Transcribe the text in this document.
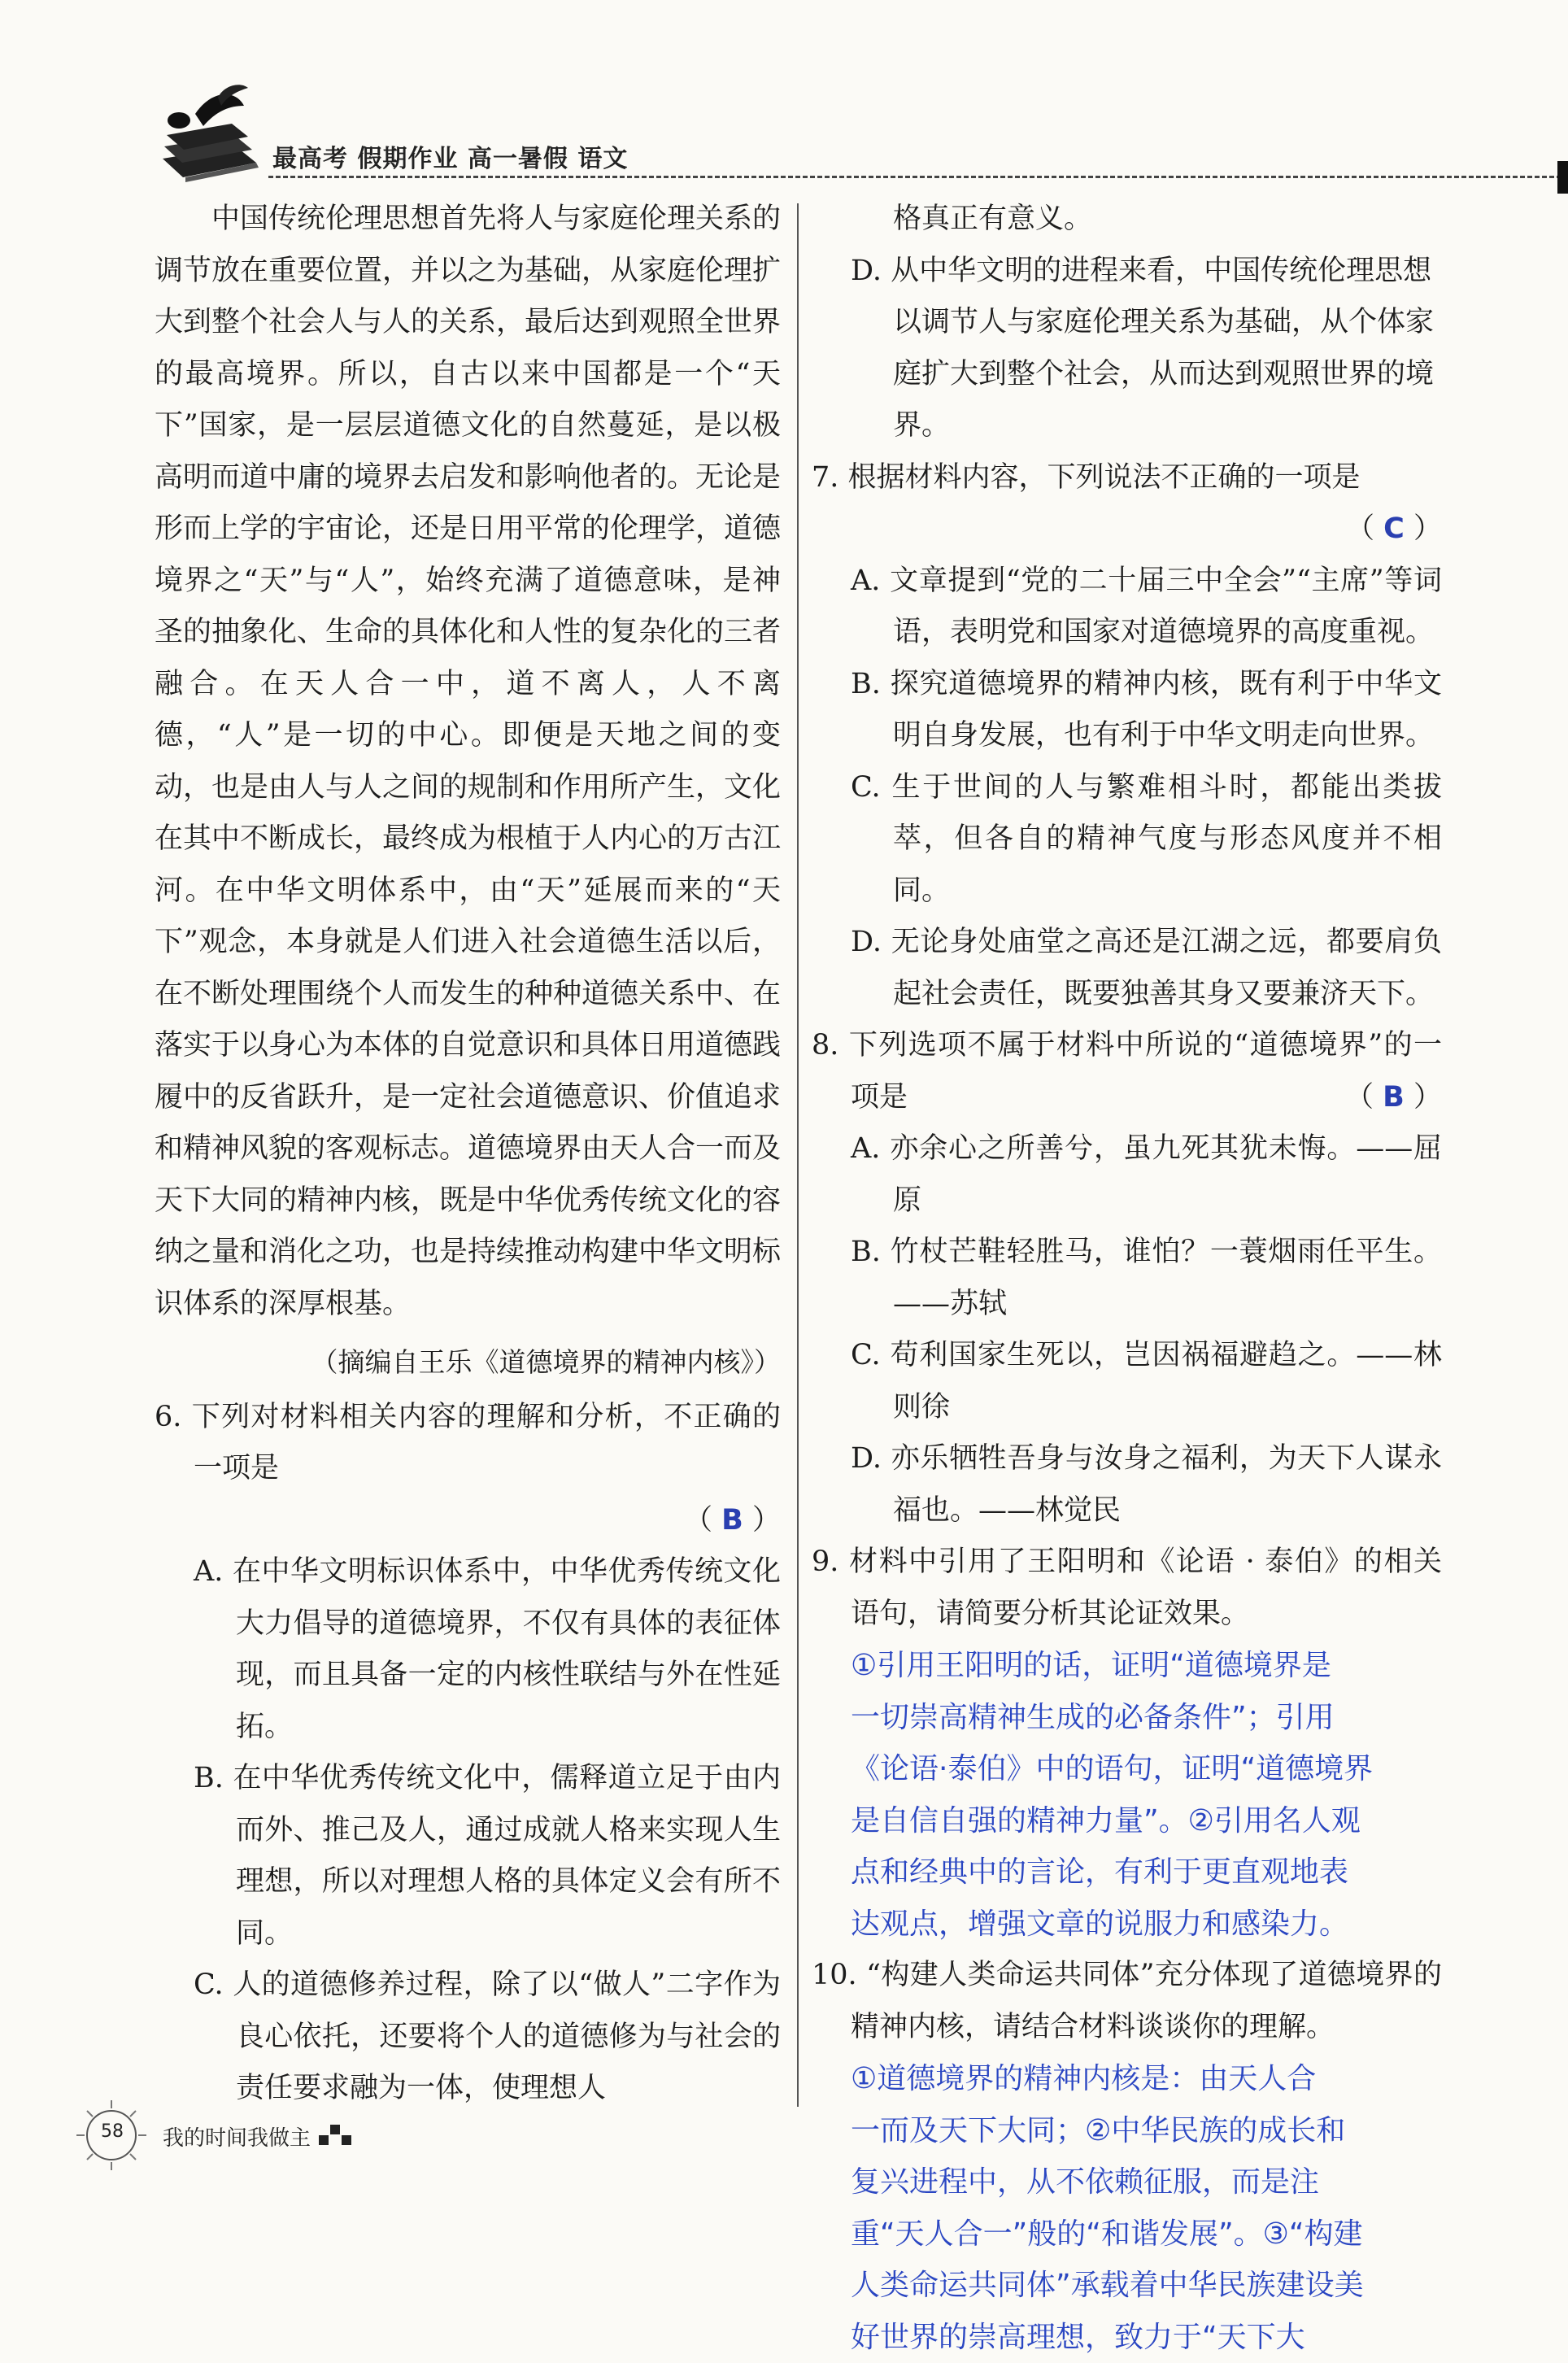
最高考 假期作业 高一暑假 语文

中国传统伦理思想首先将人与家庭伦理关系的调节放在重要位置，并以之为基础，从家庭伦理扩大到整个社会人与人的关系，最后达到观照全世界的最高境界。所以，自古以来中国都是一个“天下”国家，是一层层道德文化的自然蔓延，是以极高明而道中庸的境界去启发和影响他者的。无论是形而上学的宇宙论，还是日用平常的伦理学，道德境界之“天”与“人”，始终充满了道德意味，是神圣的抽象化、生命的具体化和人性的复杂化的三者融合。在天人合一中，道不离人，人不离德，“人”是一切的中心。即便是天地之间的变动，也是由人与人之间的规制和作用所产生，文化在其中不断成长，最终成为根植于人内心的万古江河。在中华文明体系中，由“天”延展而来的“天下”观念，本身就是人们进入社会道德生活以后，在不断处理围绕个人而发生的种种道德关系中、在落实于以身心为本体的自觉意识和具体日用道德践履中的反省跃升，是一定社会道德意识、价值追求和精神风貌的客观标志。道德境界由天人合一而及天下大同的精神内核，既是中华优秀传统文化的容纳之量和消化之功，也是持续推动构建中华文明标识体系的深厚根基。

（摘编自王乐《道德境界的精神内核》）

6. 下列对材料相关内容的理解和分析，不正确的一项是
（ B ）
A. 在中华文明标识体系中，中华优秀传统文化大力倡导的道德境界，不仅有具体的表征体现，而且具备一定的内核性联结与外在性延拓。
B. 在中华优秀传统文化中，儒释道立足于由内而外、推己及人，通过成就人格来实现人生理想，所以对理想人格的具体定义会有所不同。
C. 人的道德修养过程，除了以“做人”二字作为良心依托，还要将个人的道德修为与社会的责任要求融为一体，使理想人
格真正有意义。
D. 从中华文明的进程来看，中国传统伦理思想以调节人与家庭伦理关系为基础，从个体家庭扩大到整个社会，从而达到观照世界的境界。
7. 根据材料内容，下列说法不正确的一项是
（ C ）
A. 文章提到“党的二十届三中全会”“主席”等词语，表明党和国家对道德境界的高度重视。
B. 探究道德境界的精神内核，既有利于中华文明自身发展，也有利于中华文明走向世界。
C. 生于世间的人与繁难相斗时，都能出类拔萃，但各自的精神气度与形态风度并不相同。
D. 无论身处庙堂之高还是江湖之远，都要肩负起社会责任，既要独善其身又要兼济天下。
8. 下列选项不属于材料中所说的“道德境界”的一项是	（ B ）
A. 亦余心之所善兮，虽九死其犹未悔。——屈原
B. 竹杖芒鞋轻胜马，谁怕？一蓑烟雨任平生。——苏轼
C. 苟利国家生死以，岂因祸福避趋之。——林则徐
D. 亦乐牺牲吾身与汝身之福利，为天下人谋永福也。——林觉民
9. 材料中引用了王阳明和《论语 · 泰伯》的相关语句，请简要分析其论证效果。
①引用王阳明的话，证明“道德境界是
一切崇高精神生成的必备条件”；引用
《论语·泰伯》中的语句，证明“道德境界
是自信自强的精神力量”。②引用名人观
点和经典中的言论，有利于更直观地表
达观点，增强文章的说服力和感染力。
10. “构建人类命运共同体”充分体现了道德境界的精神内核，请结合材料谈谈你的理解。
①道德境界的精神内核是：由天人合
一而及天下大同；②中华民族的成长和
复兴进程中，从不依赖征服，而是注
重“天人合一”般的“和谐发展”。③“构建
人类命运共同体”承载着中华民族建设美
好世界的崇高理想，致力于“天下大
58	我的时间我做主
